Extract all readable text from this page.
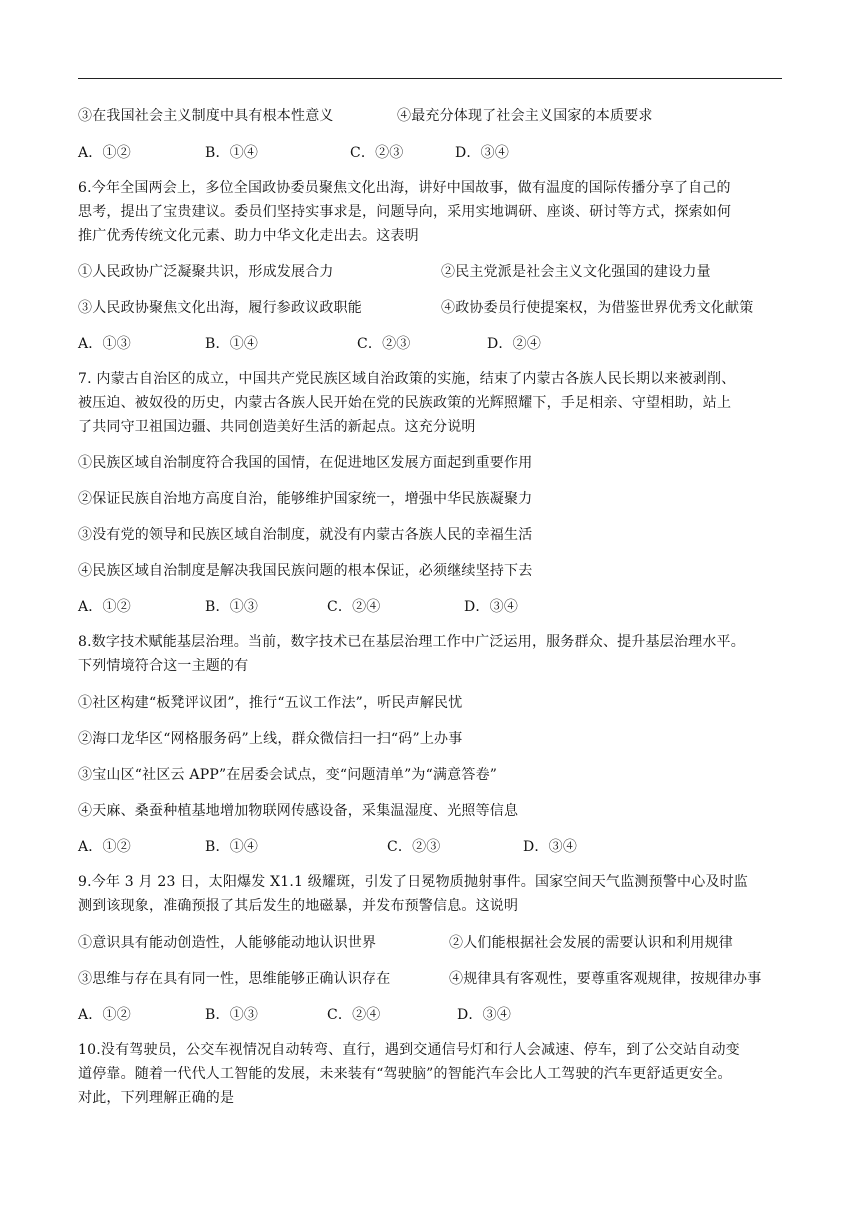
③在我国社会主义制度中具有根本性意义	④最充分体现了社会主义国家的本质要求
A．①②	B．①④	C．②③	D．③④
6.今年全国两会上，多位全国政协委员聚焦文化出海，讲好中国故事，做有温度的国际传播分享了自己的
思考，提出了宝贵建议。委员们坚持实事求是，问题导向，采用实地调研、座谈、研讨等方式，探索如何
推广优秀传统文化元素、助力中华文化走出去。这表明
①人民政协广泛凝聚共识，形成发展合力	②民主党派是社会主义文化强国的建设力量
③人民政协聚焦文化出海，履行参政议政职能	④政协委员行使提案权，为借鉴世界优秀文化献策
A．①③	B．①④	C．②③	D．②④
7. 内蒙古自治区的成立，中国共产党民族区域自治政策的实施，结束了内蒙古各族人民长期以来被剥削、
被压迫、被奴役的历史，内蒙古各族人民开始在党的民族政策的光辉照耀下，手足相亲、守望相助，站上
了共同守卫祖国边疆、共同创造美好生活的新起点。这充分说明
①民族区域自治制度符合我国的国情，在促进地区发展方面起到重要作用
②保证民族自治地方高度自治，能够维护国家统一，增强中华民族凝聚力
③没有党的领导和民族区域自治制度，就没有内蒙古各族人民的幸福生活
④民族区域自治制度是解决我国民族问题的根本保证，必须继续坚持下去
A．①②	B．①③	C．②④	D．③④
8.数字技术赋能基层治理。当前，数字技术已在基层治理工作中广泛运用，服务群众、提升基层治理水平。
下列情境符合这一主题的有
①社区构建“板凳评议团”，推行“五议工作法”，听民声解民忧
②海口龙华区“网格服务码”上线，群众微信扫一扫“码”上办事
③宝山区“社区云 APP”在居委会试点，变“问题清单”为“满意答卷”
④天麻、桑蚕种植基地增加物联网传感设备，采集温湿度、光照等信息
A．①②	B．①④	C．②③	D．③④
9.今年 3 月 23 日，太阳爆发 X1.1 级耀斑，引发了日冕物质抛射事件。国家空间天气监测预警中心及时监
测到该现象，准确预报了其后发生的地磁暴，并发布预警信息。这说明
①意识具有能动创造性，人能够能动地认识世界	②人们能根据社会发展的需要认识和利用规律
③思维与存在具有同一性，思维能够正确认识存在	④规律具有客观性，要尊重客观规律，按规律办事
A．①②	B．①③	C．②④	D．③④
10.没有驾驶员，公交车视情况自动转弯、直行，遇到交通信号灯和行人会减速、停车，到了公交站自动变
道停靠。随着一代代人工智能的发展，未来装有“驾驶脑”的智能汽车会比人工驾驶的汽车更舒适更安全。
对此，下列理解正确的是
